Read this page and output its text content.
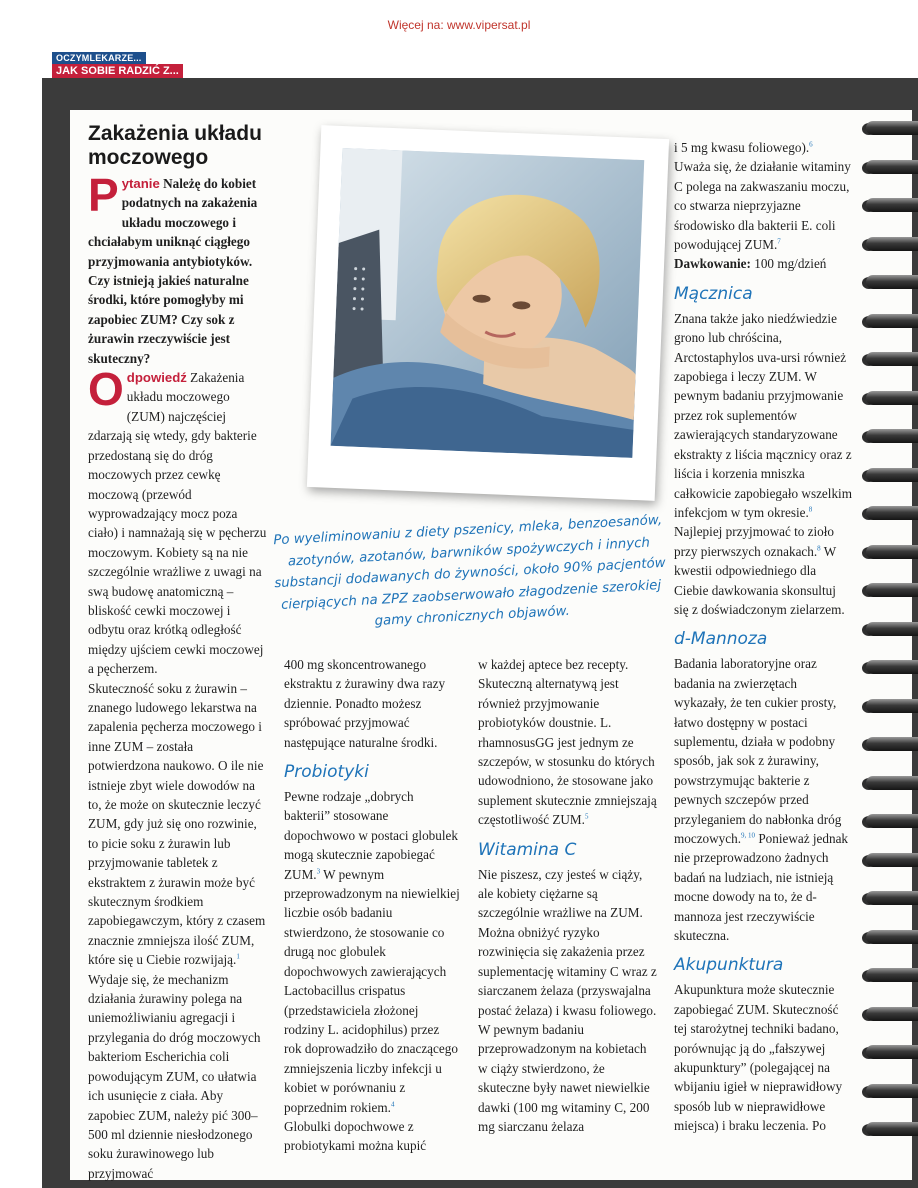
Więcej na: www.vipersat.pl
OCZYMLEKARZE...
JAK SOBIE RADZIĆ Z...
Zakażenia układu moczowego

Pytanie Należę do kobiet podatnych na zakażenia układu moczowego i chciałabym uniknąć ciągłego przyjmowania antybiotyków. Czy istnieją jakieś naturalne środki, które pomogłyby mi zapobiec ZUM? Czy sok z żurawin rzeczywiście jest skuteczny?

Odpowiedź Zakażenia układu moczowego (ZUM) najczęściej zdarzają się wtedy, gdy bakterie przedostaną się do dróg moczowych przez cewkę moczową (przewód wyprowadzający mocz poza ciało) i namnażają się w pęcherzu moczowym. Kobiety są na nie szczególnie wrażliwe z uwagi na swą budowę anatomiczną – bliskość cewki moczowej i odbytu oraz krótką odległość między ujściem cewki moczowej a pęcherzem.

Skuteczność soku z żurawin – znanego ludowego lekarstwa na zapalenia pęcherza moczowego i inne ZUM – została potwierdzona naukowo. O ile nie istnieje zbyt wiele dowodów na to, że może on skutecznie leczyć ZUM, gdy już się ono rozwinie, to picie soku z żurawin lub przyjmowanie tabletek z ekstraktem z żurawin może być skutecznym środkiem zapobiegawczym, który z czasem znacznie zmniejsza ilość ZUM, które się u Ciebie rozwijają.$^1$

Wydaje się, że mechanizm działania żurawiny polega na uniemożliwianiu agregacji i przylegania do dróg moczowych bakteriom Escherichia coli powodującym ZUM, co ułatwia ich usunięcie z ciała. Aby zapobiec ZUM, należy pić 300–500 ml dziennie niesłodzonego soku żurawinowego lub przyjmować

Po wyeliminowaniu z diety pszenicy, mleka, benzoesanów, azotynów, azotanów, barwników spożywczych i innych substancji dodawanych do żywności, około 90% pacjentów cierpiących na ZPZ zaobserwowało złagodzenie szerokiej gamy chronicznych objawów.

400 mg skoncentrowanego ekstraktu z żurawiny dwa razy dziennie. Ponadto możesz spróbować przyjmować następujące naturalne środki.

Probiotyki

Pewne rodzaje „dobrych bakterii” stosowane dopochwowo w postaci globulek mogą skutecznie zapobiegać ZUM.$^3$ W pewnym przeprowadzonym na niewielkiej liczbie osób badaniu stwierdzono, że stosowanie co drugą noc globulek dopochwowych zawierających Lactobacillus crispatus (przedstawiciela złożonej rodziny L. acidophilus) przez rok doprowadziło do znaczącego zmniejszenia liczby infekcji u kobiet w porównaniu z poprzednim rokiem.$^4$

Globulki dopochwowe z probiotykami można kupić

w każdej aptece bez recepty. Skuteczną alternatywą jest również przyjmowanie probiotyków doustnie. L. rhamnosusGG jest jednym ze szczepów, w stosunku do których udowodniono, że stosowane jako suplement skutecznie zmniejszają częstotliwość ZUM.$^5$

Witamina C

Nie piszesz, czy jesteś w ciąży, ale kobiety ciężarne są szczególnie wrażliwe na ZUM. Można obniżyć ryzyko rozwinięcia się zakażenia przez suplementację witaminy C wraz z siarczanem żelaza (przyswajalna postać żelaza) i kwasu foliowego. W pewnym badaniu przeprowadzonym na kobietach w ciąży stwierdzono, że skuteczne były nawet niewielkie dawki (100 mg witaminy C, 200 mg siarczanu żelaza

i 5 mg kwasu foliowego).$^6$ Uważa się, że działanie witaminy C polega na zakwaszaniu moczu, co stwarza nieprzyjazne środowisko dla bakterii E. coli powodującej ZUM.$^7$

Dawkowanie: 100 mg/dzień

Mącznica

Znana także jako niedźwiedzie grono lub chróścina, Arctostaphylos uva-ursi również zapobiega i leczy ZUM. W pewnym badaniu przyjmowanie przez rok suplementów zawierających standaryzowane ekstrakty z liścia mącznicy oraz z liścia i korzenia mniszka całkowicie zapobiegało wszelkim infekcjom w tym okresie.$^8$ Najlepiej przyjmować to zioło przy pierwszych oznakach.$^8$ W kwestii odpowiedniego dla Ciebie dawkowania skonsultuj się z doświadczonym zielarzem.

d-Mannoza

Badania laboratoryjne oraz badania na zwierzętach wykazały, że ten cukier prosty, łatwo dostępny w postaci suplementu, działa w podobny sposób, jak sok z żurawiny, powstrzymując bakterie z pewnych szczepów przed przyleganiem do nabłonka dróg moczowych.$^{9, 10}$ Ponieważ jednak nie przeprowadzono żadnych badań na ludziach, nie istnieją mocne dowody na to, że d-mannoza jest rzeczywiście skuteczna.

Akupunktura

Akupunktura może skutecznie zapobiegać ZUM. Skuteczność tej starożytnej techniki badano, porównując ją do „fałszywej akupunktury” (polegającej na wbijaniu igieł w nieprawidłowy sposób lub w nieprawidłowe miejsca) i braku leczenia. Po
